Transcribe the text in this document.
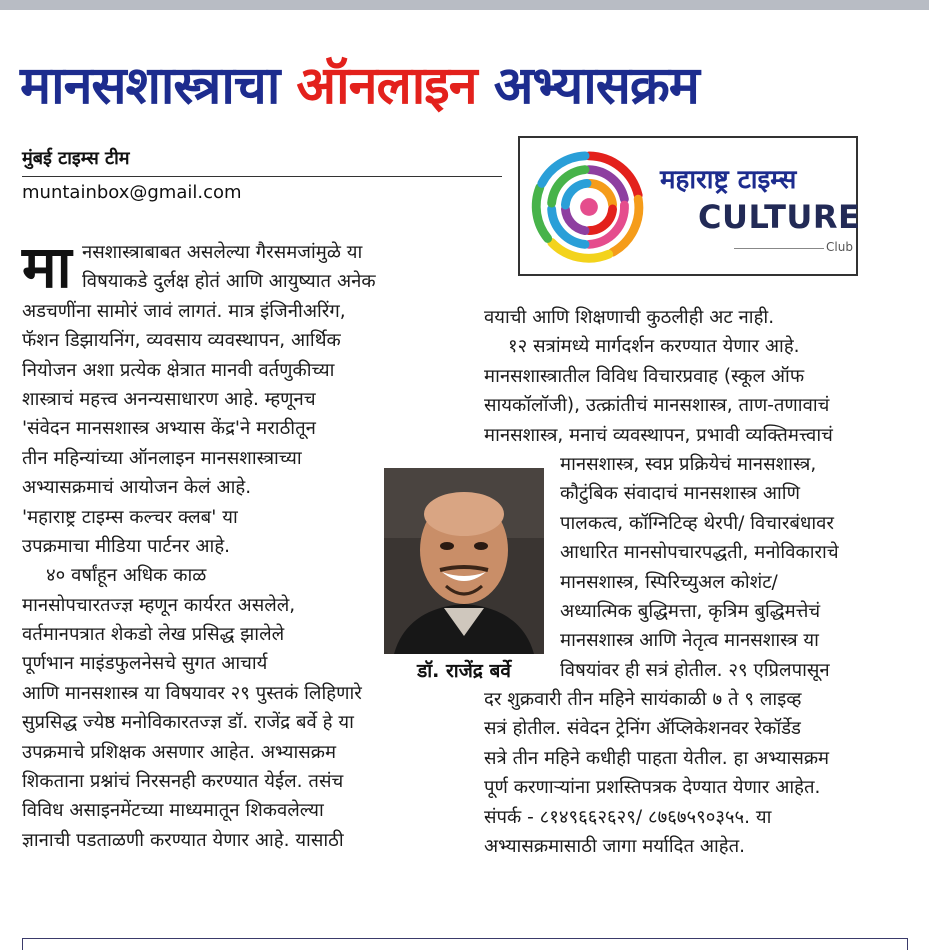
मानसशास्त्राचा ऑनलाइन अभ्यासक्रम
मुंबई टाइम्स टीम
muntainbox@gmail.com	महाराष्ट्र टाइम्स
CULTURE
Club
मा नसशास्त्राबाबत असलेल्या गैरसमजांमुळे या
विषयाकडे दुर्लक्ष होतं आणि आयुष्यात अनेक
अडचणींना सामोरं जावं लागतं. मात्र इंजिनीअरिंग,
फॅशन डिझायनिंग, व्यवसाय व्यवस्थापन, आर्थिक
नियोजन अशा प्रत्येक क्षेत्रात मानवी वर्तणुकीच्या
शास्त्राचं महत्त्व अनन्यसाधारण आहे. म्हणूनच
'संवेदन मानसशास्त्र अभ्यास केंद्र'ने मराठीतून
तीन महिन्यांच्या ऑनलाइन मानसशास्त्राच्या
अभ्यासक्रमाचं आयोजन केलं आहे.
'महाराष्ट्र टाइम्स कल्चर क्लब' या
उपक्रमाचा मीडिया पार्टनर आहे.
४० वर्षांहून अधिक काळ
मानसोपचारतज्ज्ञ म्हणून कार्यरत असलेले,
वर्तमानपत्रात शेकडो लेख प्रसिद्ध झालेले
पूर्णभान माइंडफुलनेसचे सुगत आचार्य
आणि मानसशास्त्र या विषयावर २९ पुस्तकं लिहिणारे
सुप्रसिद्ध ज्येष्ठ मनोविकारतज्ज्ञ डॉ. राजेंद्र बर्वे हे या
उपक्रमाचे प्रशिक्षक असणार आहेत. अभ्यासक्रम
शिकताना प्रश्नांचं निरसनही करण्यात येईल. तसंच
विविध असाइनमेंटच्या माध्यमातून शिकवलेल्या
ज्ञानाची पडताळणी करण्यात येणार आहे. यासाठी
डॉ. राजेंद्र बर्वे
वयाची आणि शिक्षणाची कुठलीही अट नाही.
१२ सत्रांमध्ये मार्गदर्शन करण्यात येणार आहे.
मानसशास्त्रातील विविध विचारप्रवाह (स्कूल ऑफ
सायकॉलॉजी), उत्क्रांतीचं मानसशास्त्र, ताण-तणावाचं
मानसशास्त्र, मनाचं व्यवस्थापन, प्रभावी व्यक्तिमत्त्वाचं
मानसशास्त्र, स्वप्न प्रक्रियेचं मानसशास्त्र,
कौटुंबिक संवादाचं मानसशास्त्र आणि
पालकत्व, कॉग्निटिव्ह थेरपी/ विचारबंधावर
आधारित मानसोपचारपद्धती, मनोविकाराचे
मानसशास्त्र, स्पिरिच्युअल कोशंट/
अध्यात्मिक बुद्धिमत्ता, कृत्रिम बुद्धिमत्तेचं
मानसशास्त्र आणि नेतृत्व मानसशास्त्र या
विषयांवर ही सत्रं होतील. २९ एप्रिलपासून
दर शुक्रवारी तीन महिने सायंकाळी ७ ते ९ लाइव्ह
सत्रं होतील. संवेदन ट्रेनिंग ॲप्लिकेशनवर रेकॉर्डेड
सत्रे तीन महिने कधीही पाहता येतील. हा अभ्यासक्रम
पूर्ण करणाऱ्यांना प्रशस्तिपत्रक देण्यात येणार आहेत.
संपर्क - ८१४९६६२६२९/ ८७६७५९०३५५. या
अभ्यासक्रमासाठी जागा मर्यादित आहेत.
